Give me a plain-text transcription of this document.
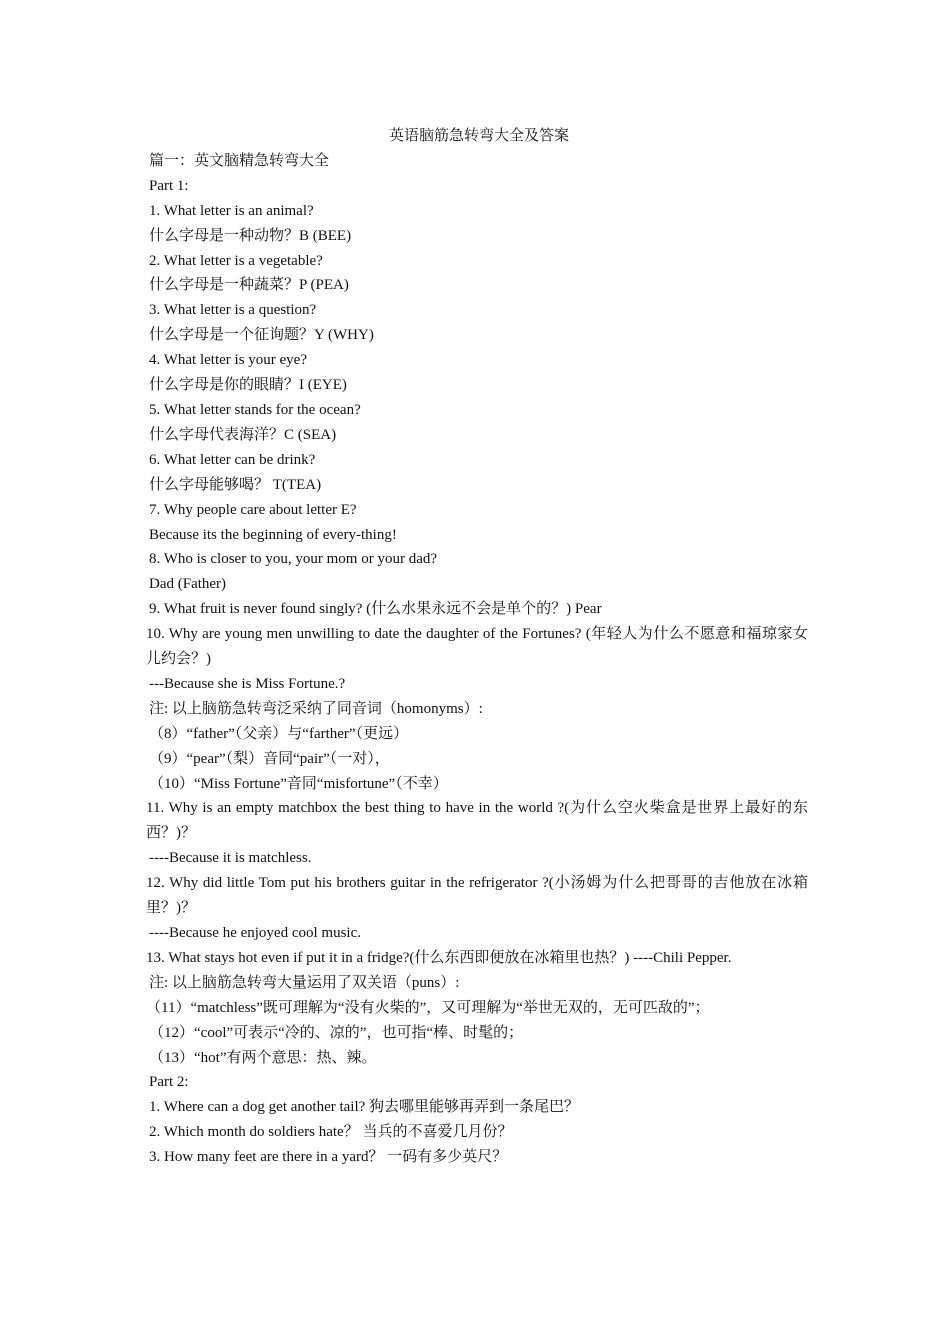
英语脑筋急转弯大全及答案

篇一：英文脑精急转弯大全

Part 1:

1. What letter is an animal?

什么字母是一种动物？B (BEE)

2. What letter is a vegetable?

什么字母是一种蔬菜？P (PEA)

3. What letter is a question?

什么字母是一个征询题？Y (WHY)

4. What letter is your eye?

什么字母是你的眼睛？I (EYE)

5. What letter stands for the ocean?

什么字母代表海洋？C (SEA)

6. What letter can be drink?

什么字母能够喝？ T(TEA)

7. Why people care about letter E?

Because its the beginning of every-thing!

8. Who is closer to you, your mom or your dad?

Dad (Father)

9. What fruit is never found singly? (什么水果永远不会是单个的？) Pear

10. Why are young men unwilling to date the daughter of the Fortunes? (年轻人为什么不愿意和福琼家女儿约会？)

---Because she is Miss Fortune.?

注: 以上脑筋急转弯泛采纳了同音词（homonyms）:

（8）“father”（父亲）与“farther”（更远）

（9）“pear”（梨）音同“pair”（一对），

（10）“Miss Fortune”音同“misfortune”（不幸）

11. Why is an empty matchbox the best thing to have in the world ?(为什么空火柴盒是世界上最好的东西？)？

----Because it is matchless.

12. Why did little Tom put his brothers guitar in the refrigerator ?(小汤姆为什么把哥哥的吉他放在冰箱里？)？

----Because he enjoyed cool music.

13. What stays hot even if put it in a fridge?(什么东西即便放在冰箱里也热？) ----Chili Pepper.

注: 以上脑筋急转弯大量运用了双关语（puns）:

（11）“matchless”既可理解为“没有火柴的”，又可理解为“举世无双的，无可匹敌的”；

（12）“cool”可表示“冷的、凉的”，也可指“棒、时髦的；

（13）“hot”有两个意思：热、辣。

Part 2:

1. Where can a dog get another tail? 狗去哪里能够再弄到一条尾巴？

2. Which month do soldiers hate？ 当兵的不喜爱几月份？

3. How many feet are there in a yard？ 一码有多少英尺？
